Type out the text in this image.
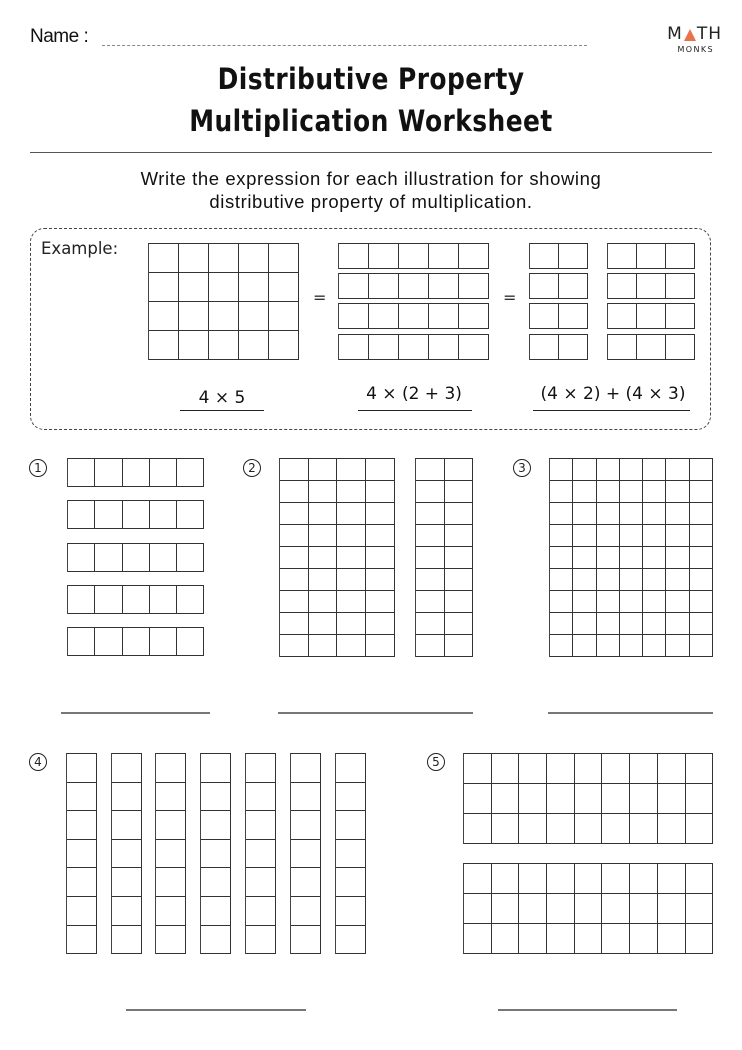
Name :	M TH
MONKS
Distributive Property
Multiplication Worksheet
Write the expression for each illustration for showing
distributive property of multiplication.
Example:
=	=
4 × 5	4 × (2 + 3)	(4 × 2) + (4 × 3)
1	2	3
4	5
